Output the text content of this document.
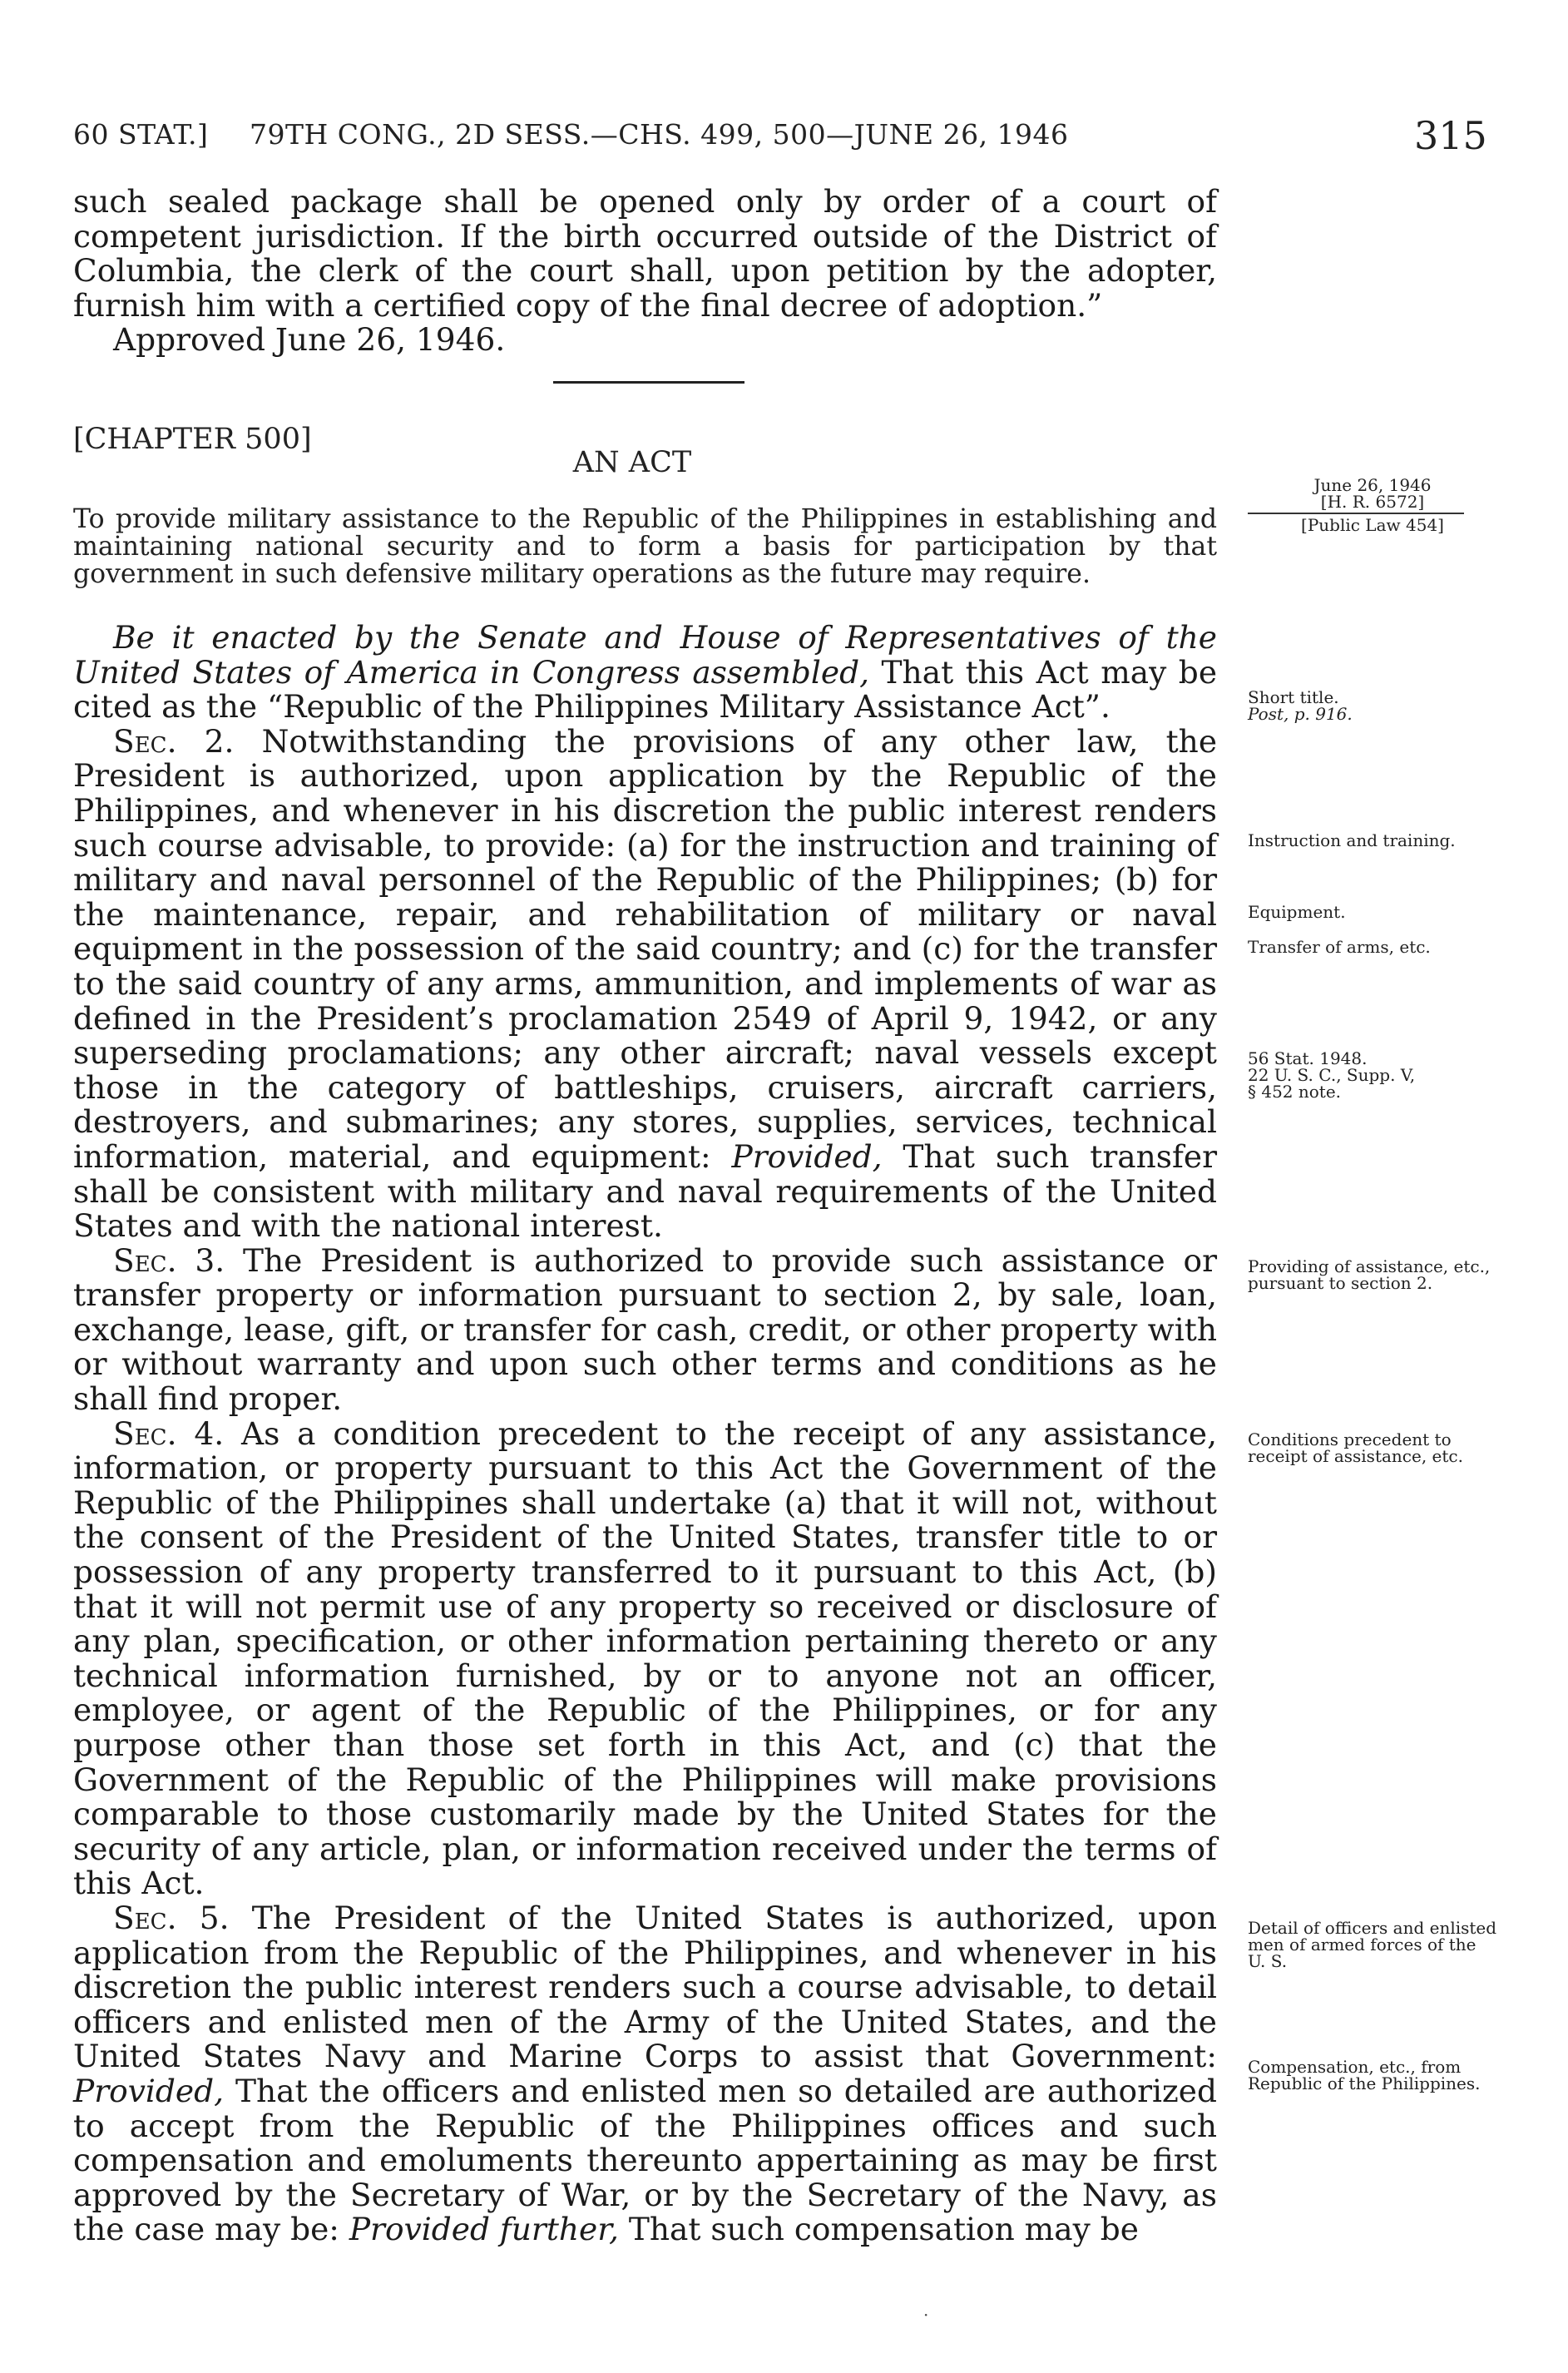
60 STAT.] 79TH CONG., 2D SESS.—CHS. 499, 500—JUNE 26, 1946	315

such sealed package shall be opened only by order of a court of competent jurisdiction. If the birth occurred outside of the District of Columbia, the clerk of the court shall, upon petition by the adopter, furnish him with a certified copy of the final decree of adoption.”

Approved June 26, 1946.

[CHAPTER 500]
AN ACT
To provide military assistance to the Republic of the Philippines in establishing and maintaining national security and to form a basis for participation by that government in such defensive military operations as the future may require.

Be it enacted by the Senate and House of Representatives of the United States of America in Congress assembled, That this Act may be cited as the “Republic of the Philippines Military Assistance Act”.

Sec. 2. Notwithstanding the provisions of any other law, the President is authorized, upon application by the Republic of the Philippines, and whenever in his discretion the public interest renders such course advisable, to provide: (a) for the instruction and training of military and naval personnel of the Republic of the Philippines; (b) for the maintenance, repair, and rehabilitation of military or naval equipment in the possession of the said country; and (c) for the transfer to the said country of any arms, ammunition, and implements of war as defined in the President’s proclamation 2549 of April 9, 1942, or any superseding proclamations; any other aircraft; naval vessels except those in the category of battleships, cruisers, aircraft carriers, destroyers, and submarines; any stores, supplies, services, technical information, material, and equipment: Provided, That such transfer shall be consistent with military and naval requirements of the United States and with the national interest.

Sec. 3. The President is authorized to provide such assistance or transfer property or information pursuant to section 2, by sale, loan, exchange, lease, gift, or transfer for cash, credit, or other property with or without warranty and upon such other terms and conditions as he shall find proper.

Sec. 4. As a condition precedent to the receipt of any assistance, information, or property pursuant to this Act the Government of the Republic of the Philippines shall undertake (a) that it will not, without the consent of the President of the United States, transfer title to or possession of any property transferred to it pursuant to this Act, (b) that it will not permit use of any property so received or disclosure of any plan, specification, or other information pertaining thereto or any technical information furnished, by or to anyone not an officer, employee, or agent of the Republic of the Philippines, or for any purpose other than those set forth in this Act, and (c) that the Government of the Republic of the Philippines will make provisions comparable to those customarily made by the United States for the security of any article, plan, or information received under the terms of this Act.

Sec. 5. The President of the United States is authorized, upon application from the Republic of the Philippines, and whenever in his discretion the public interest renders such a course advisable, to detail officers and enlisted men of the Army of the United States, and the United States Navy and Marine Corps to assist that Government: Provided, That the officers and enlisted men so detailed are authorized to accept from the Republic of the Philippines offices and such compensation and emoluments thereunto appertaining as may be first approved by the Secretary of War, or by the Secretary of the Navy, as the case may be: Provided further, That such compensation may be

June 26, 1946
[H. R. 6572]
[Public Law 454]
Short title.
Post, p. 916.
Instruction and training.
Equipment.
Transfer of arms, etc.
56 Stat. 1948.
22 U. S. C., Supp. V,
§ 452 note.
Providing of assistance, etc., pursuant to section 2.
Conditions precedent to receipt of assistance, etc.
Detail of officers and enlisted men of armed forces of the U. S.
Compensation, etc., from Republic of the Philippines.
·
